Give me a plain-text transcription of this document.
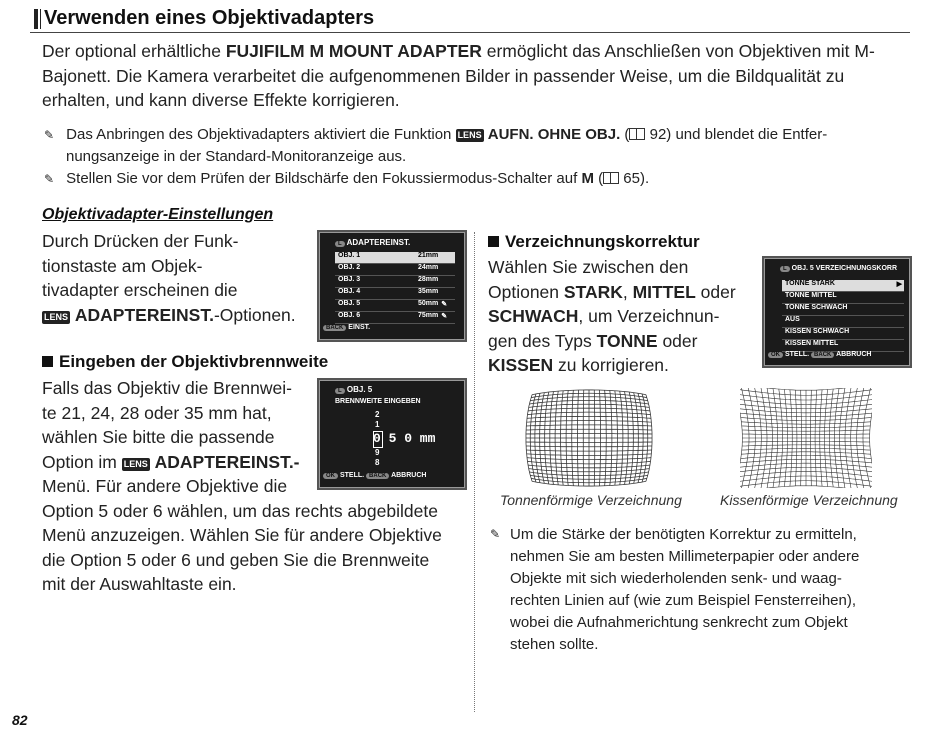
Verwenden eines Objektivadapters
Der optional erhältliche FUJIFILM M MOUNT ADAPTER ermöglicht das Anschließen von Objektiven mit M-Bajonett. Die Kamera verarbeitet die aufgenommenen Bilder in passender Weise, um die Bildqualität zu erhalten, und kann diverse Effekte korrigieren.
✎ Das Anbringen des Objektivadapters aktiviert die Funktion LENS AUFN. OHNE OBJ. ( 92) und blendet die Entfer-
nungsanzeige in der Standard-Monitoranzeige aus.
✎ Stellen Sie vor dem Prüfen der Bildschärfe den Fokussiermodus-Schalter auf M ( 65).
Objektivadapter-Einstellungen
Durch Drücken der Funk-
tionstaste am Objek-
tivadapter erscheinen die
LENS ADAPTEREINST.-Optionen.
L ADAPTEREINST.
OBJ. 1	21mm
OBJ. 2	24mm
OBJ. 3	28mm
OBJ. 4	35mm
OBJ. 5	50mm ✎
OBJ. 6	75mm ✎
BACK EINST.
Eingeben der Objektivbrennweite
Falls das Objektiv die Brennwei-
te 21, 24, 28 oder 35 mm hat,
wählen Sie bitte die passende
Option im LENS ADAPTEREINST.-
Menü. Für andere Objektive die
Option 5 oder 6 wählen, um das rechts abgebildete
Menü anzuzeigen. Wählen Sie für andere Objektive
die Option 5 oder 6 und geben Sie die Brennweite
mit der Auswahltaste ein.
L OBJ. 5
BRENNWEITE EINGEBEN
2
1
0 5 0 mm
9
8
OK STELL. BACK ABBRUCH
Verzeichnungskorrektur
Wählen Sie zwischen den
Optionen STARK, MITTEL oder
SCHWACH, um Verzeichnun-
gen des Typs TONNE oder
KISSEN zu korrigieren.
L OBJ. 5 VERZEICHNUNGSKORR
TONNE STARK	▶
TONNE MITTEL
TONNE SCHWACH
AUS
KISSEN SCHWACH
KISSEN MITTEL
OK STELL. BACK ABBRUCH
Tonnenförmige Verzeichnung	Kissenförmige Verzeichnung
✎ Um die Stärke der benötigten Korrektur zu ermitteln,
nehmen Sie am besten Millimeterpapier oder andere
Objekte mit sich wiederholenden senk- und waag-
rechten Linien auf (wie zum Beispiel Fensterreihen),
wobei die Aufnahmerichtung senkrecht zum Objekt
stehen sollte.
82
